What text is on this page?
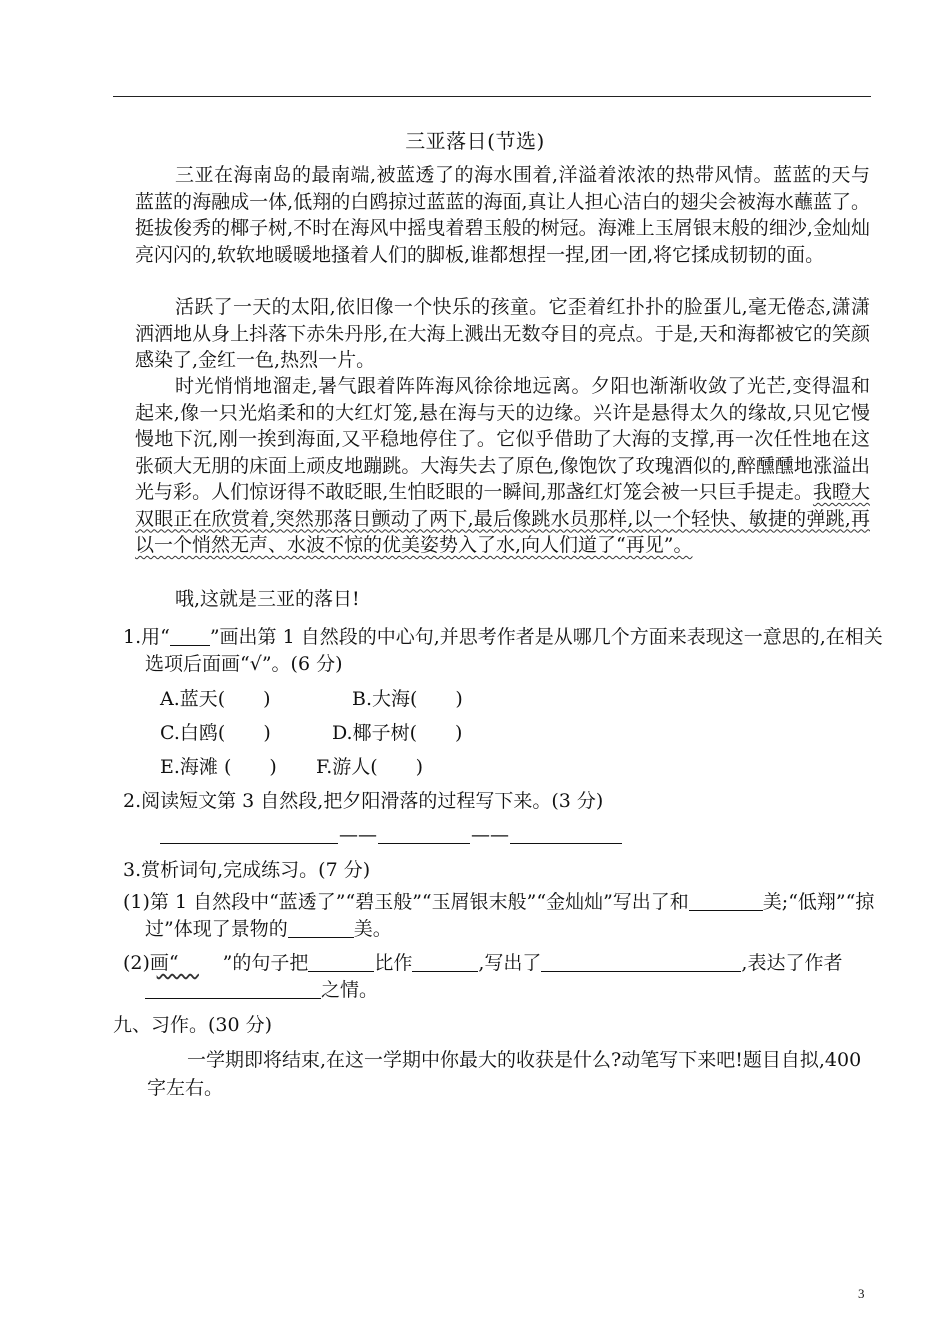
三亚落日(节选)

三亚在海南岛的最南端,被蓝透了的海水围着,洋溢着浓浓的热带风情。蓝蓝的天与蓝蓝的海融成一体,低翔的白鸥掠过蓝蓝的海面,真让人担心洁白的翅尖会被海水蘸蓝了。挺拔俊秀的椰子树,不时在海风中摇曳着碧玉般的树冠。海滩上玉屑银末般的细沙,金灿灿亮闪闪的,软软地暖暖地搔着人们的脚板,谁都想捏一捏,团一团,将它揉成韧韧的面。

活跃了一天的太阳,依旧像一个快乐的孩童。它歪着红扑扑的脸蛋儿,毫无倦态,潇潇洒洒地从身上抖落下赤朱丹彤,在大海上溅出无数夺目的亮点。于是,天和海都被它的笑颜感染了,金红一色,热烈一片。

时光悄悄地溜走,暑气跟着阵阵海风徐徐地远离。夕阳也渐渐收敛了光芒,变得温和起来,像一只光焰柔和的大红灯笼,悬在海与天的边缘。兴许是悬得太久的缘故,只见它慢慢地下沉,刚一挨到海面,又平稳地停住了。它似乎借助了大海的支撑,再一次任性地在这张硕大无朋的床面上顽皮地蹦跳。大海失去了原色,像饱饮了玫瑰酒似的,醉醺醺地涨溢出光与彩。人们惊讶得不敢眨眼,生怕眨眼的一瞬间,那盏红灯笼会被一只巨手提走。我瞪大双眼正在欣赏着,突然那落日颤动了两下,最后像跳水员那样,以一个轻快、敏捷的弹跳,再以一个悄然无声、水波不惊的优美姿势入了水,向人们道了“再见”。

哦,这就是三亚的落日!

1.用“ ”画出第 1 自然段的中心句,并思考作者是从哪几个方面来表现这一意思的,在相关选项后面画“√”。(6 分)

A.蓝天(　　)	B.大海(　　)
C.白鸥(　　)	D.椰子树(　　)
E.海滩 (　　) F.游人(　　)

2.阅读短文第 3 自然段,把夕阳滑落的过程写下来。(3 分)

——	——

3.赏析词句,完成练习。(7 分)

(1)第 1 自然段中“蓝透了”“碧玉般”“玉屑银末般”“金灿灿”写出了和	美;“低翔”“掠过”体现了景物的	美。

(2)画“ ”的句子把	比作	,写出了	,表达了作者之情。

九、习作。(30 分)

一学期即将结束,在这一学期中你最大的收获是什么?动笔写下来吧!题目自拟,400 字左右。

3
